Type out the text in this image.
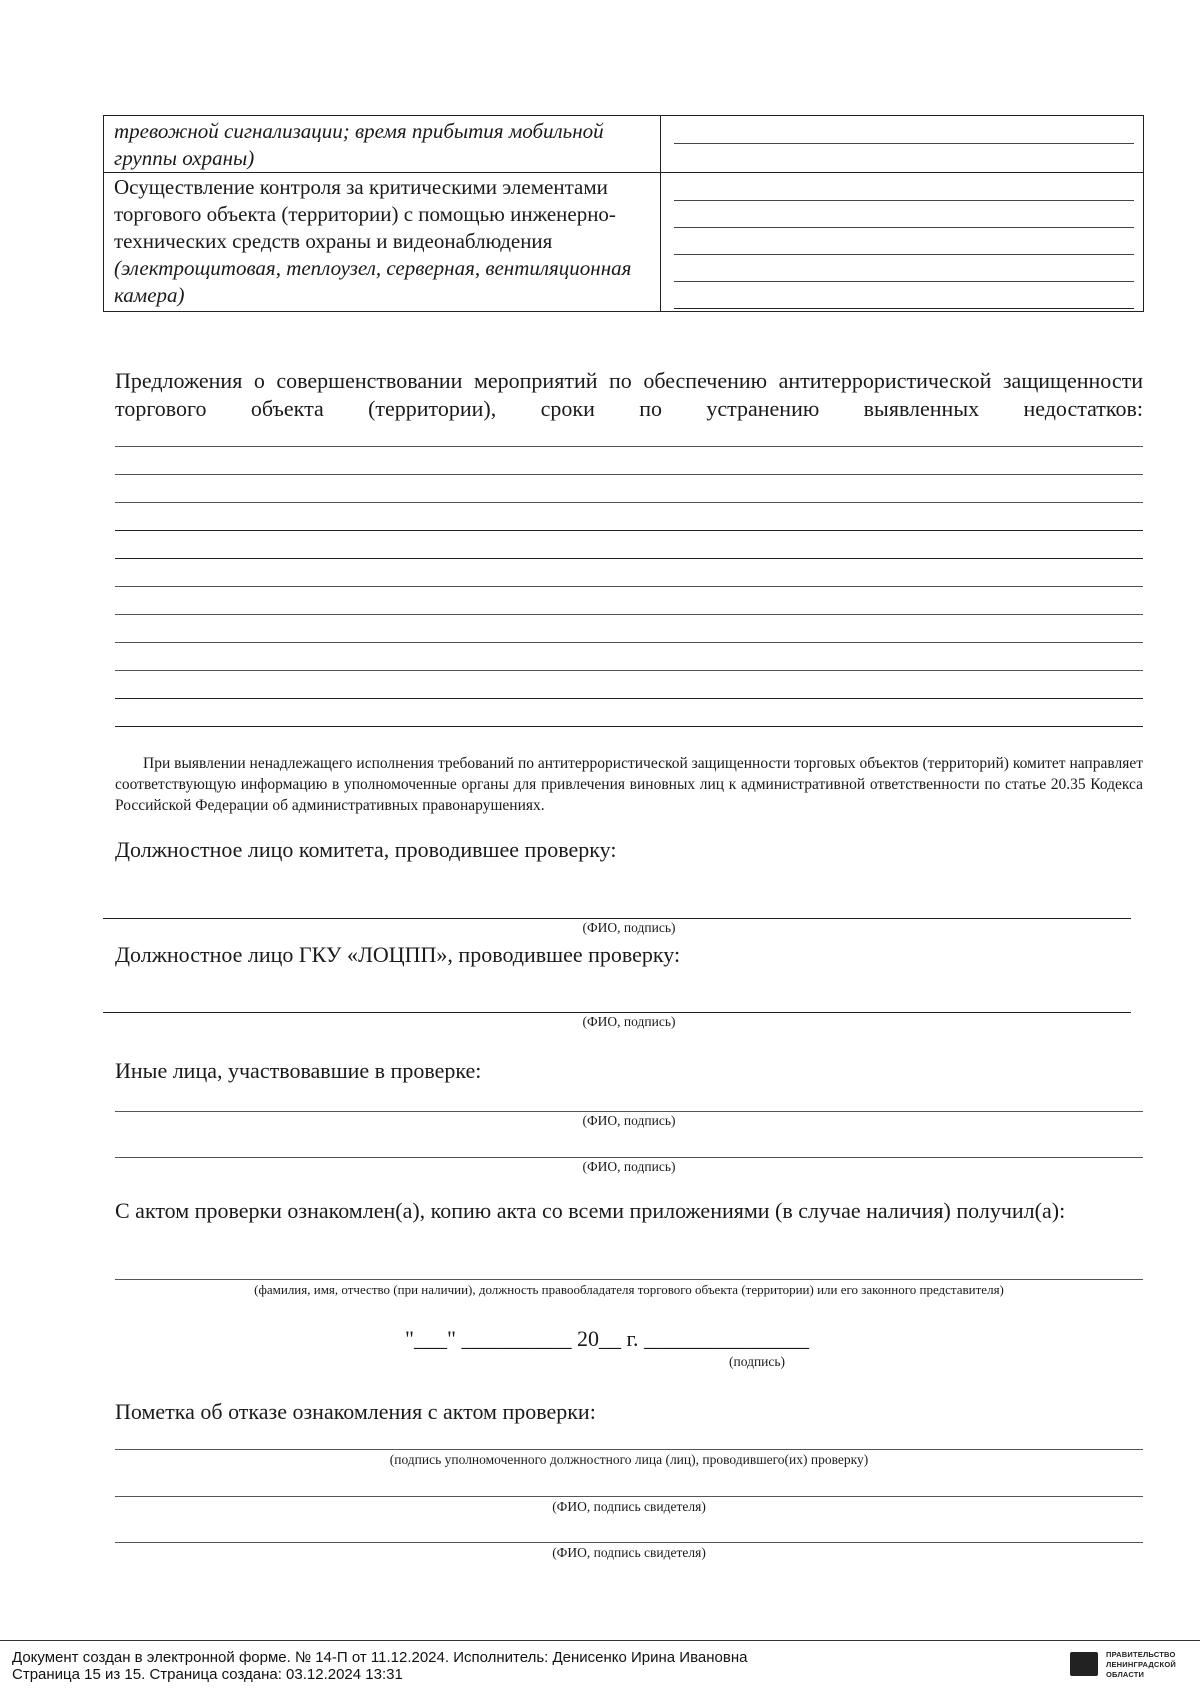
тревожной сигнализации; время прибытия мобильной группы охраны)
Осуществление контроля за критическими элементами торгового объекта (территории) с помощью инженерно-технических средств охраны и видеонаблюдения (электрощитовая, теплоузел, серверная, вентиляционная камера)
Предложения о совершенствовании мероприятий по обеспечению антитеррористической защищенности торгового объекта (территории), сроки по устранению выявленных недостатков:
При выявлении ненадлежащего исполнения требований по антитеррористической защищенности торговых объектов (территорий) комитет направляет соответствующую информацию в уполномоченные органы для привлечения виновных лиц к административной ответственности по статье 20.35 Кодекса Российской Федерации об административных правонарушениях.
Должностное лицо комитета, проводившее проверку:
(ФИО, подпись)
Должностное лицо ГКУ «ЛОЦПП», проводившее проверку:
(ФИО, подпись)
Иные лица, участвовавшие в проверке:
(ФИО, подпись)
(ФИО, подпись)
С актом проверки ознакомлен(а), копию акта со всеми приложениями (в случае наличия) получил(а):
(фамилия, имя, отчество (при наличии), должность правообладателя торгового объекта (территории) или его законного представителя)
"___" __________ 20__ г. _______________
(подпись)
Пометка об отказе ознакомления с актом проверки:
(подпись уполномоченного должностного лица (лиц), проводившего(их) проверку)
(ФИО, подпись свидетеля)
(ФИО, подпись свидетеля)
Документ создан в электронной форме. № 14-П от 11.12.2024. Исполнитель: Денисенко Ирина Ивановна
Страница 15 из 15. Страница создана: 03.12.2024 13:31
ПРАВИТЕЛЬСТВО ЛЕНИНГРАДСКОЙ ОБЛАСТИ
